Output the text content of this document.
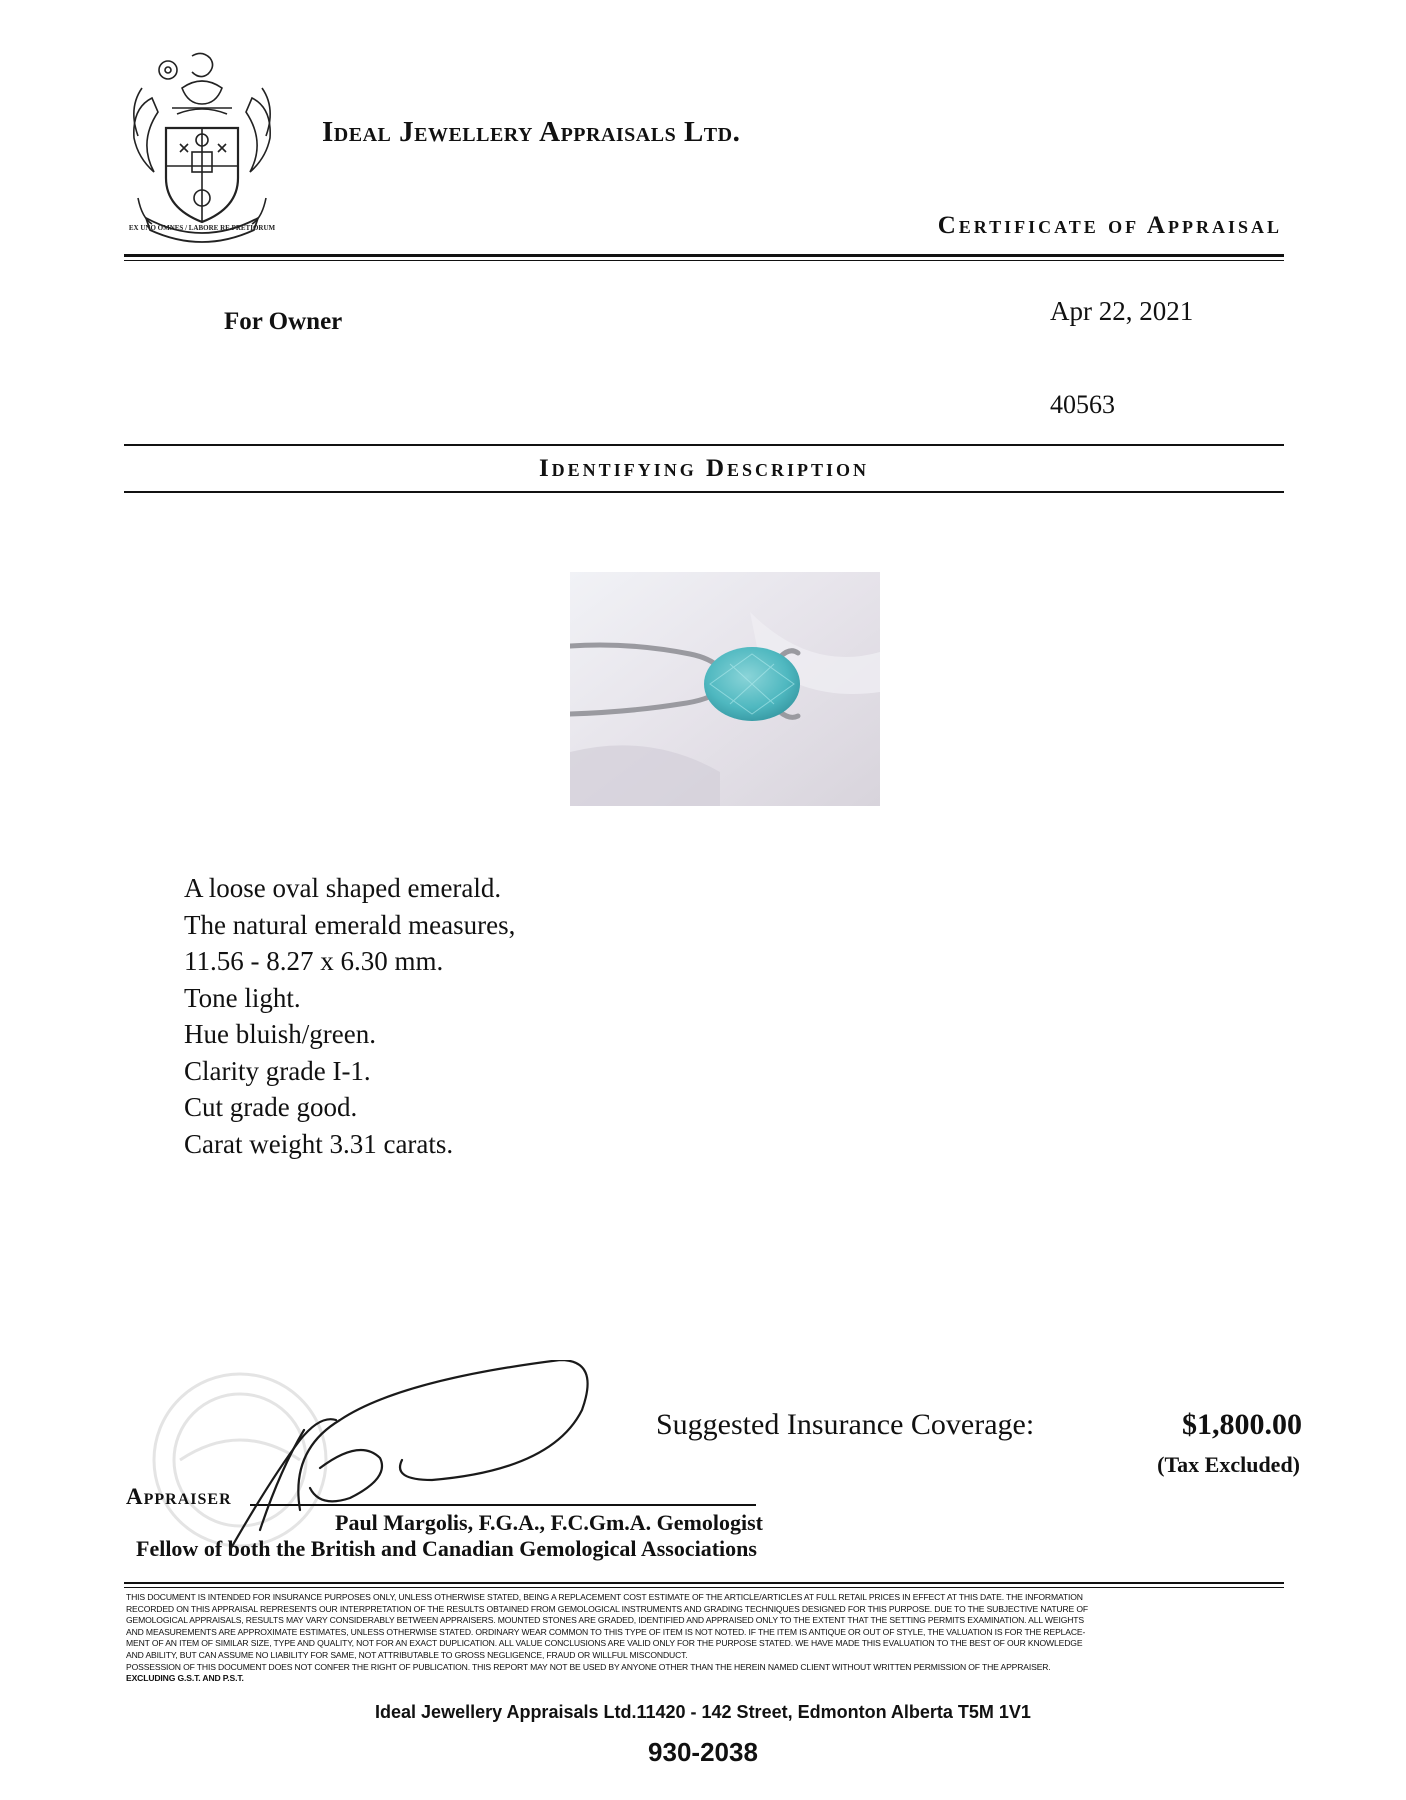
EX UNO OMNES / LABORE RE PRETIORUM
Ideal Jewellery Appraisals Ltd.
Certificate of Appraisal
For Owner	Apr 22, 2021
40563
Identifying Description
A loose oval shaped emerald.
The natural emerald measures,
11.56 - 8.27 x 6.30 mm.
Tone light.
Hue bluish/green.
Clarity grade I-1.
Cut grade good.
Carat weight 3.31 carats.
Suggested Insurance Coverage:	$1,800.00
(Tax Excluded)
Appraiser
Paul Margolis, F.G.A., F.C.Gm.A. Gemologist
Fellow of both the British and Canadian Gemological Associations
THIS DOCUMENT IS INTENDED FOR INSURANCE PURPOSES ONLY, UNLESS OTHERWISE STATED, BEING A REPLACEMENT COST ESTIMATE OF THE ARTICLE/ARTICLES AT FULL RETAIL PRICES IN EFFECT AT THIS DATE. THE INFORMATION
RECORDED ON THIS APPRAISAL REPRESENTS OUR INTERPRETATION OF THE RESULTS OBTAINED FROM GEMOLOGICAL INSTRUMENTS AND GRADING TECHNIQUES DESIGNED FOR THIS PURPOSE. DUE TO THE SUBJECTIVE NATURE OF
GEMOLOGICAL APPRAISALS, RESULTS MAY VARY CONSIDERABLY BETWEEN APPRAISERS. MOUNTED STONES ARE GRADED, IDENTIFIED AND APPRAISED ONLY TO THE EXTENT THAT THE SETTING PERMITS EXAMINATION. ALL WEIGHTS
AND MEASUREMENTS ARE APPROXIMATE ESTIMATES, UNLESS OTHERWISE STATED. ORDINARY WEAR COMMON TO THIS TYPE OF ITEM IS NOT NOTED. IF THE ITEM IS ANTIQUE OR OUT OF STYLE, THE VALUATION IS FOR THE REPLACE-
MENT OF AN ITEM OF SIMILAR SIZE, TYPE AND QUALITY, NOT FOR AN EXACT DUPLICATION. ALL VALUE CONCLUSIONS ARE VALID ONLY FOR THE PURPOSE STATED. WE HAVE MADE THIS EVALUATION TO THE BEST OF OUR KNOWLEDGE
AND ABILITY, BUT CAN ASSUME NO LIABILITY FOR SAME, NOT ATTRIBUTABLE TO GROSS NEGLIGENCE, FRAUD OR WILLFUL MISCONDUCT.
POSSESSION OF THIS DOCUMENT DOES NOT CONFER THE RIGHT OF PUBLICATION. THIS REPORT MAY NOT BE USED BY ANYONE OTHER THAN THE HEREIN NAMED CLIENT WITHOUT WRITTEN PERMISSION OF THE APPRAISER.
EXCLUDING G.S.T. AND P.S.T.
Ideal Jewellery Appraisals Ltd.11420 - 142 Street, Edmonton Alberta T5M 1V1
930-2038
